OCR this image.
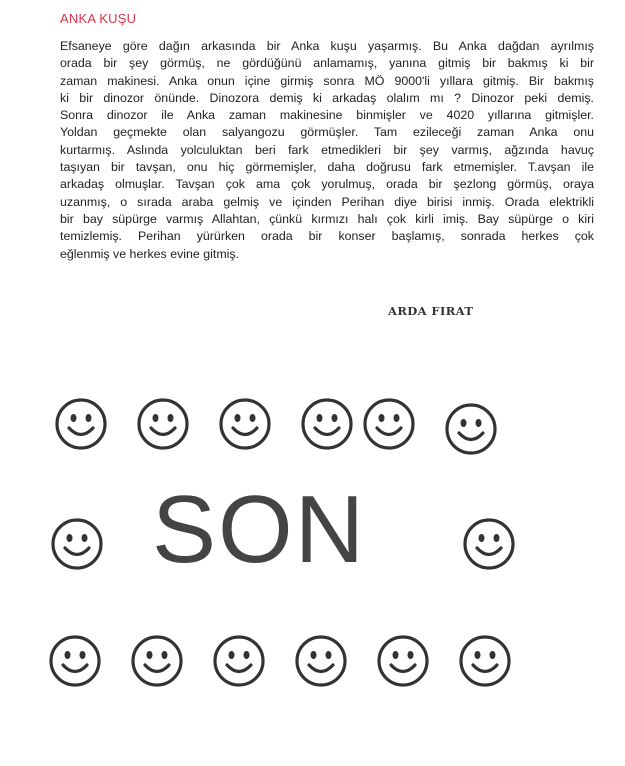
ANKA KUŞU
Efsaneye göre dağın arkasında bir Anka kuşu yaşarmış. Bu Anka dağdan ayrılmış
orada bir şey görmüş, ne gördüğünü anlamamış, yanına gitmiş bir bakmış ki bir
zaman makinesi. Anka onun içine girmiş sonra MÖ 9000'li yıllara gitmiş. Bir bakmış
ki bir dinozor önünde. Dinozora demiş ki arkadaş olalım mı ? Dinozor peki demiş.
Sonra dinozor ile Anka zaman makinesine binmişler ve 4020 yıllarına gitmişler.
Yoldan geçmekte olan salyangozu görmüşler. Tam ezileceği zaman Anka onu
kurtarmış. Aslında yolculuktan beri fark etmedikleri bir şey varmış, ağzında havuç
taşıyan bir tavşan, onu hiç görmemişler, daha doğrusu fark etmemişler. T.avşan ile
arkadaş olmuşlar. Tavşan çok ama çok yorulmuş, orada bir şezlong görmüş, oraya
uzanmış, o sırada araba gelmiş ve içinden Perihan diye birisi inmiş. Orada elektrikli
bir bay süpürge varmış Allahtan, çünkü kırmızı halı çok kirli imiş. Bay süpürge o kiri
temizlemiş. Perihan yürürken orada bir konser başlamış, sonrada herkes çok
eğlenmiş ve herkes evine gitmiş.
ARDA FIRAT
SON
